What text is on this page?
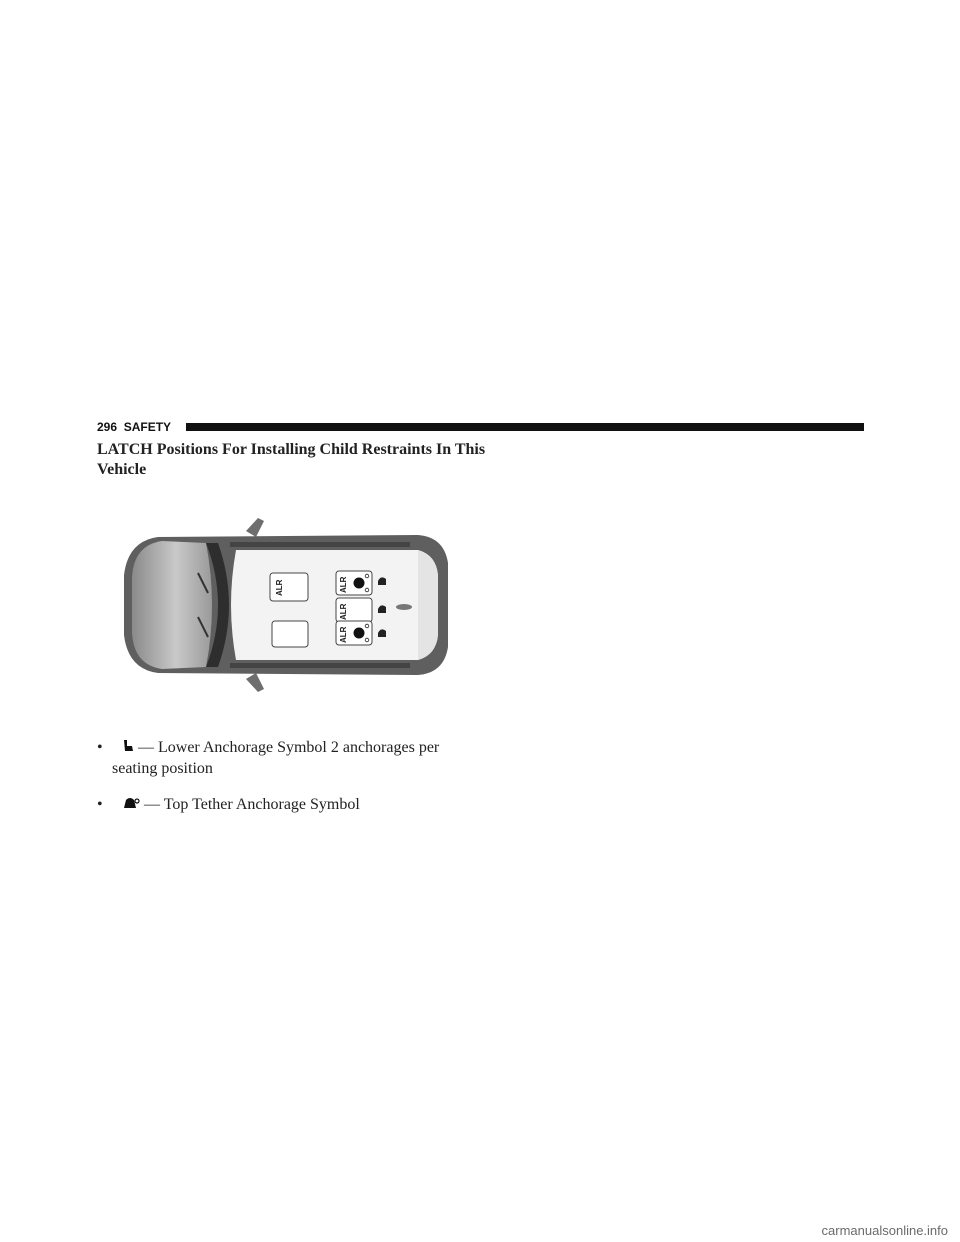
296 SAFETY
LATCH Positions For Installing Child Restraints In This Vehicle
ALR	ALR
ALR
ALR
• — Lower Anchorage Symbol 2 anchorages per seating position
•	— Top Tether Anchorage Symbol
carmanualsonline.info
